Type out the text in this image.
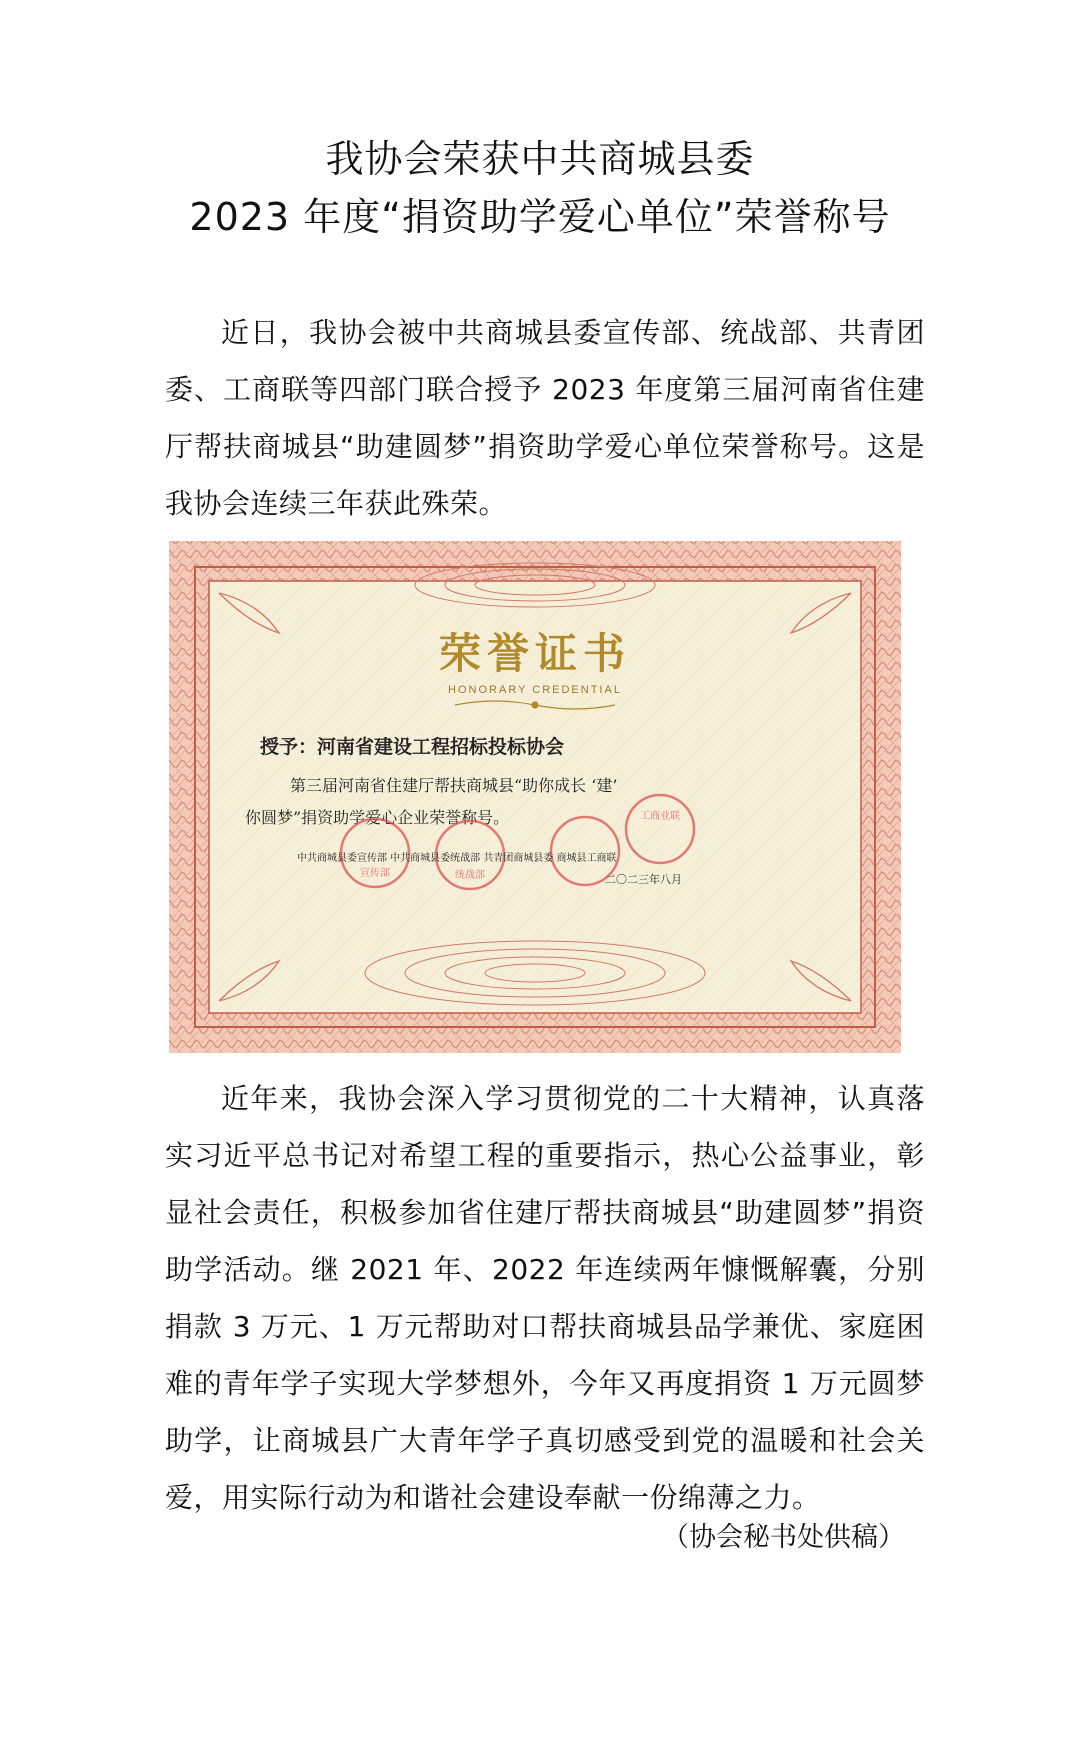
我协会荣获中共商城县委
2023 年度“捐资助学爱心单位”荣誉称号
近日，我协会被中共商城县委宣传部、统战部、共青团委、工商联等四部门联合授予 2023 年度第三届河南省住建厅帮扶商城县“助建圆梦”捐资助学爱心单位荣誉称号。这是我协会连续三年获此殊荣。
荣誉证书
HONORARY CREDENTIAL
授予：河南省建设工程招标投标协会
第三届河南省住建厅帮扶商城县“助你成长 ‘建’
你圆梦”捐资助学爱心企业荣誉称号。
宣传部	统战部
工商业联
中共商城县委宣传部 中共商城县委统战部 共青团商城县委 商城县工商联
二〇二三年八月
近年来，我协会深入学习贯彻党的二十大精神，认真落实习近平总书记对希望工程的重要指示，热心公益事业，彰显社会责任，积极参加省住建厅帮扶商城县“助建圆梦”捐资助学活动。继 2021 年、2022 年连续两年慷慨解囊，分别捐款 3 万元、1 万元帮助对口帮扶商城县品学兼优、家庭困难的青年学子实现大学梦想外，今年又再度捐资 1 万元圆梦助学，让商城县广大青年学子真切感受到党的温暖和社会关爱，用实际行动为和谐社会建设奉献一份绵薄之力。
（协会秘书处供稿）
